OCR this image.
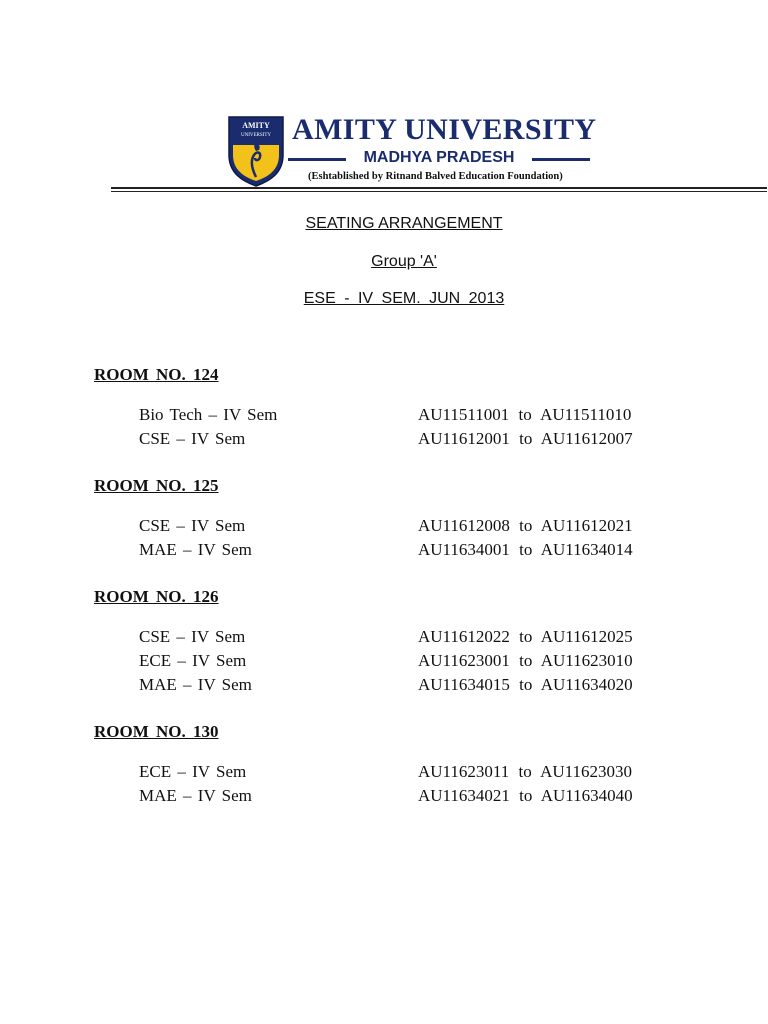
AMITY
UNIVERSITY AMITY UNIVERSITY
MADHYA PRADESH
(Eshtablished by Ritnand Balved Education Foundation)
SEATING ARRANGEMENT
Group 'A'
ESE - IV SEM. JUN 2013
ROOM NO. 124
Bio Tech – IV Sem	AU11511001 to AU11511010
CSE – IV Sem	AU11612001 to AU11612007
ROOM NO. 125
CSE – IV Sem	AU11612008 to AU11612021
MAE – IV Sem	AU11634001 to AU11634014
ROOM NO. 126
CSE – IV Sem	AU11612022 to AU11612025
ECE – IV Sem	AU11623001 to AU11623010
MAE – IV Sem	AU11634015 to AU11634020
ROOM NO. 130
ECE – IV Sem	AU11623011 to AU11623030
MAE – IV Sem	AU11634021 to AU11634040
